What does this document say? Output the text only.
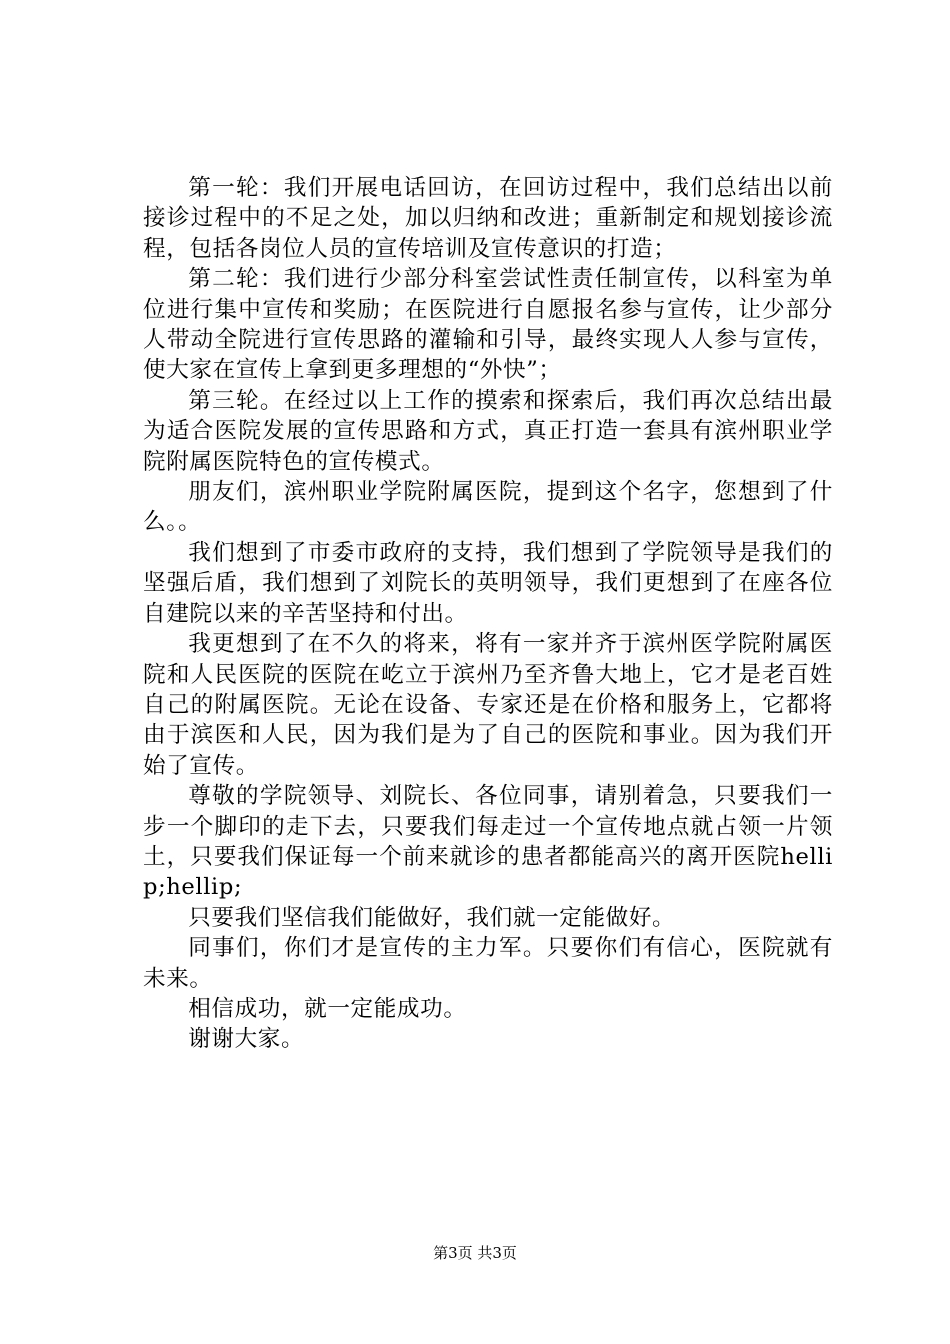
第一轮：我们开展电话回访，在回访过程中，我们总结出以前接诊过程中的不足之处，加以归纳和改进；重新制定和规划接诊流程，包括各岗位人员的宣传培训及宣传意识的打造；

第二轮：我们进行少部分科室尝试性责任制宣传，以科室为单位进行集中宣传和奖励；在医院进行自愿报名参与宣传，让少部分人带动全院进行宣传思路的灌输和引导，最终实现人人参与宣传，使大家在宣传上拿到更多理想的“外快”；

第三轮。在经过以上工作的摸索和探索后，我们再次总结出最为适合医院发展的宣传思路和方式，真正打造一套具有滨州职业学院附属医院特色的宣传模式。

朋友们，滨州职业学院附属医院，提到这个名字，您想到了什么。。

我们想到了市委市政府的支持，我们想到了学院领导是我们的坚强后盾，我们想到了刘院长的英明领导，我们更想到了在座各位自建院以来的辛苦坚持和付出。

我更想到了在不久的将来，将有一家并齐于滨州医学院附属医院和人民医院的医院在屹立于滨州乃至齐鲁大地上，它才是老百姓自己的附属医院。无论在设备、专家还是在价格和服务上，它都将由于滨医和人民，因为我们是为了自己的医院和事业。因为我们开始了宣传。

尊敬的学院领导、刘院长、各位同事，请别着急，只要我们一步一个脚印的走下去，只要我们每走过一个宣传地点就占领一片领土，只要我们保证每一个前来就诊的患者都能高兴的离开医院hellip;hellip;

只要我们坚信我们能做好，我们就一定能做好。

同事们，你们才是宣传的主力军。只要你们有信心，医院就有未来。

相信成功，就一定能成功。

谢谢大家。

第3页 共3页
